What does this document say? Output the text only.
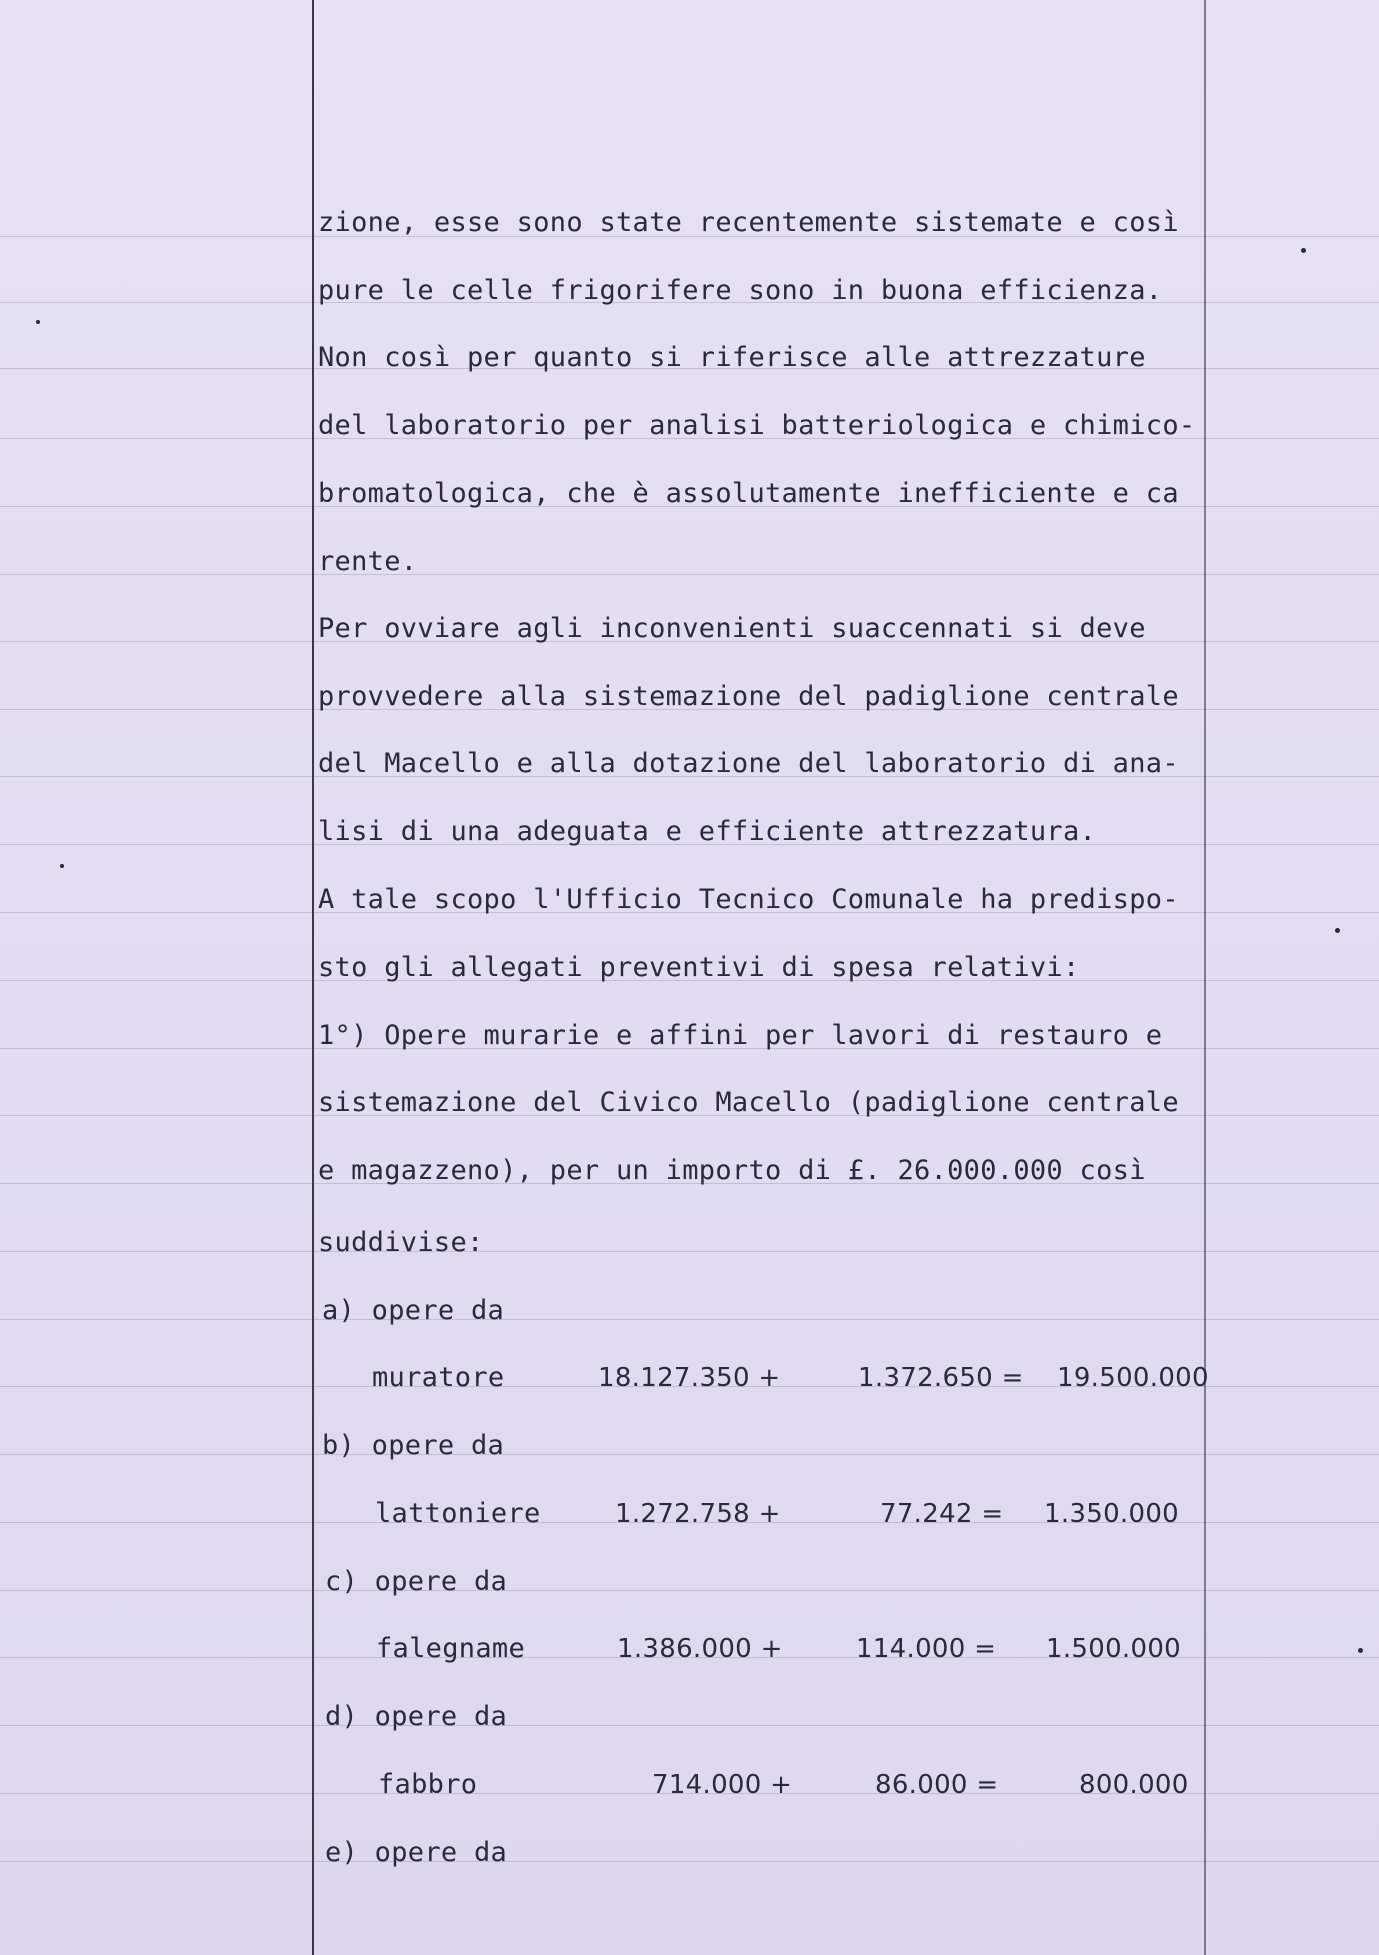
zione, esse sono state recentemente sistemate e così
pure le celle frigorifere sono in buona efficienza.
Non così per quanto si riferisce alle attrezzature
del laboratorio per analisi batteriologica e chimico-
bromatologica, che è assolutamente inefficiente e ca
rente.
Per ovviare agli inconvenienti suaccennati si deve
provvedere alla sistemazione del padiglione centrale
del Macello e alla dotazione del laboratorio di ana-
lisi di una adeguata e efficiente attrezzatura.
A tale scopo l'Ufficio Tecnico Comunale ha predispo-
sto gli allegati preventivi di spesa relativi:
1°) Opere murarie e affini per lavori di restauro e
sistemazione del Civico Macello (padiglione centrale
e magazzeno), per un importo di £. 26.000.000 così
suddivise:
a) opere da
muratore	18.127.350 +	1.372.650 = 19.500.000
b) opere da
lattoniere	1.272.758 +	77.242 = 1.350.000
c) opere da
falegname	1.386.000 +	114.000 = 1.500.000
d) opere da
fabbro	714.000 +	86.000 =	800.000
e) opere da
